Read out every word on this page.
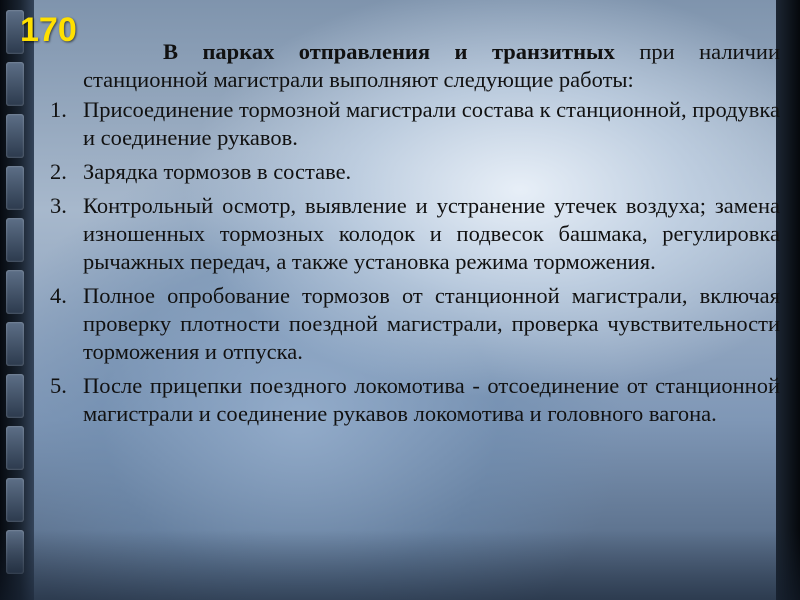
170

В парках отправления и транзитных при наличии станционной магистрали выполняют следующие работы:

1. Присоединение тормозной магистрали состава к станционной, продувка и соединение рукавов.
2. Зарядка тормозов в составе.
3. Контрольный осмотр, выявление и устранение утечек воздуха; замена изношенных тормозных колодок и подвесок башмака, регулировка рычажных передач, а также установка режима торможения.
4. Полное опробование тормозов от станционной магистрали, включая проверку плотности поездной магистрали, проверка чувствительности торможения и отпуска.
5. После прицепки поездного локомотива - отсоединение от станционной магистрали и соединение рукавов локомотива и головного вагона.
